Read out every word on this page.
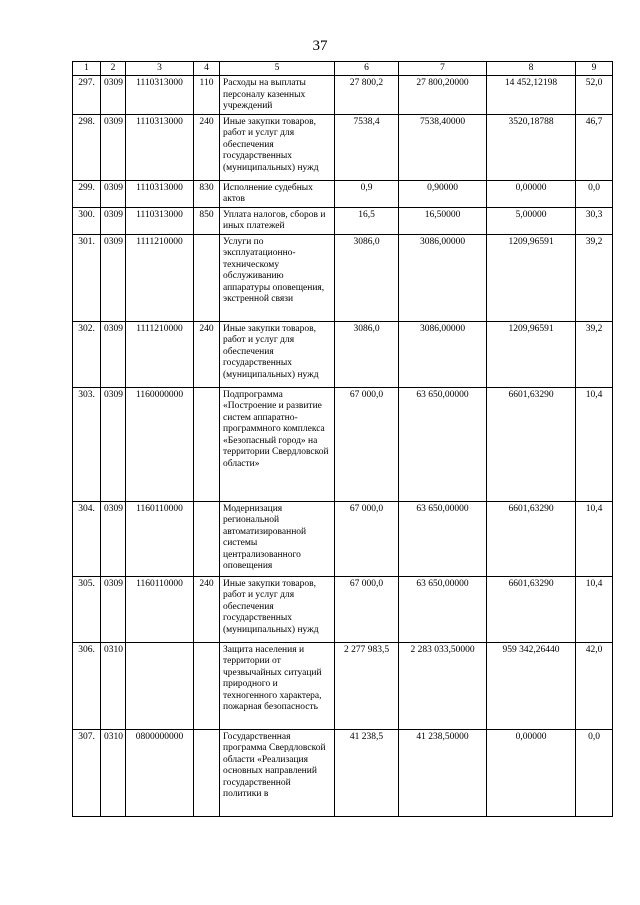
37
1	2	3	4	5	6	7	8	9
297.	0309	1110313000	110	Расходы на выплаты персоналу казенных учреждений	27 800,2	27 800,20000	14 452,12198	52,0
298.	0309	1110313000	240	Иные закупки товаров, работ и услуг для обеспечения государственных (муниципальных) нужд	7538,4	7538,40000	3520,18788	46,7
299.	0309	1110313000	830	Исполнение судебных актов	0,9	0,90000	0,00000	0,0
300.	0309	1110313000	850	Уплата налогов, сборов и иных платежей	16,5	16,50000	5,00000	30,3
301.	0309	1111210000		Услуги по эксплуатационно-техническому обслуживанию аппаратуры оповещения, экстренной связи	3086,0	3086,00000	1209,96591	39,2
302.	0309	1111210000	240	Иные закупки товаров, работ и услуг для обеспечения государственных (муниципальных) нужд	3086,0	3086,00000	1209,96591	39,2
303.	0309	1160000000		Подпрограмма «Построение и развитие систем аппаратно-программного комплекса «Безопасный город» на территории Свердловской области»	67 000,0	63 650,00000	6601,63290	10,4
304.	0309	1160110000		Модернизация региональной автоматизированной системы централизованного оповещения	67 000,0	63 650,00000	6601,63290	10,4
305.	0309	1160110000	240	Иные закупки товаров, работ и услуг для обеспечения государственных (муниципальных) нужд	67 000,0	63 650,00000	6601,63290	10,4
306.	0310			Защита населения и территории от чрезвычайных ситуаций природного и техногенного характера, пожарная безопасность	2 277 983,5	2 283 033,50000	959 342,26440	42,0
307.	0310	0800000000		Государственная программа Свердловской области «Реализация основных направлений государственной политики в	41 238,5	41 238,50000	0,00000	0,0
